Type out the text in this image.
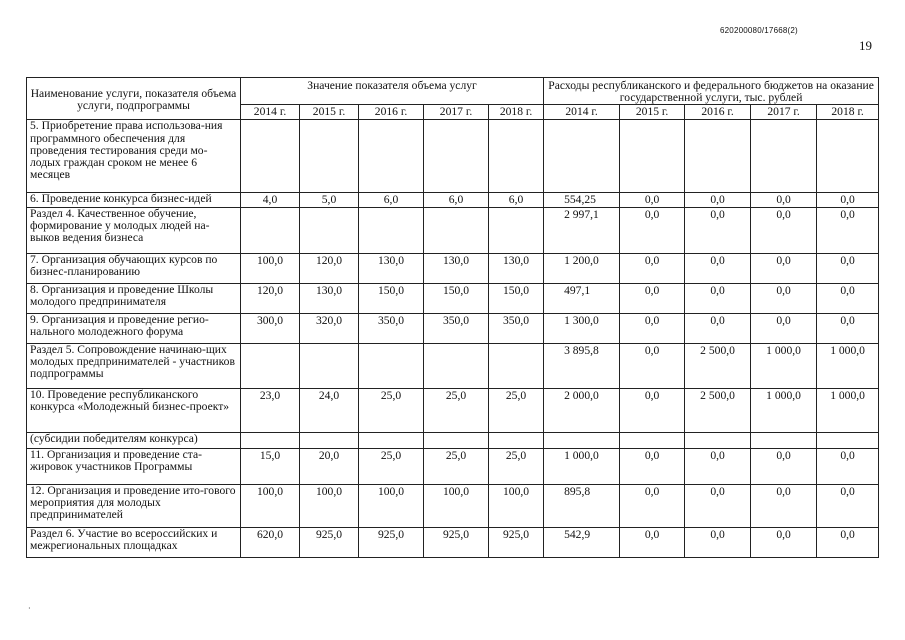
620200080/17668(2)
19
Наименование услуги, показателя объема услуги, подпрограммы	Значение показателя объема услуг					Расходы республиканского и федерального бюджетов на оказание государственной услуги, тыс. рублей				
	2014 г.	2015 г.	2016 г.	2017 г.	2018 г.	2014 г.	2015 г.	2016 г.	2017 г.	2018 г.
5. Приобретение права использова-ния программного обеспечения для проведения тестирования среди мо-лодых граждан сроком не менее 6 месяцев										
6. Проведение конкурса бизнес-идей	4,0	5,0	6,0	6,0	6,0	554,25	0,0	0,0	0,0	0,0
Раздел 4. Качественное обучение, формирование у молодых людей на-выков ведения бизнеса						2 997,1	0,0	0,0	0,0	0,0
7. Организация обучающих курсов по бизнес-планированию	100,0	120,0	130,0	130,0	130,0	1 200,0	0,0	0,0	0,0	0,0
8. Организация и проведение Школы молодого предпринимателя	120,0	130,0	150,0	150,0	150,0	497,1	0,0	0,0	0,0	0,0
9. Организация и проведение регио-нального молодежного форума	300,0	320,0	350,0	350,0	350,0	1 300,0	0,0	0,0	0,0	0,0
Раздел 5. Сопровождение начинаю-щих молодых предпринимателей - участников подпрограммы						3 895,8	0,0	2 500,0	1 000,0	1 000,0
10. Проведение республиканского конкурса «Молодежный бизнес-проект»	23,0	24,0	25,0	25,0	25,0	2 000,0	0,0	2 500,0	1 000,0	1 000,0
(субсидии победителям конкурса)										
11. Организация и проведение ста-жировок участников Программы	15,0	20,0	25,0	25,0	25,0	1 000,0	0,0	0,0	0,0	0,0
12. Организация и проведение ито-гового мероприятия для молодых предпринимателей	100,0	100,0	100,0	100,0	100,0	895,8	0,0	0,0	0,0	0,0
Раздел 6. Участие во всероссийских и межрегиональных площадках	620,0	925,0	925,0	925,0	925,0	542,9	0,0	0,0	0,0	0,0
·
